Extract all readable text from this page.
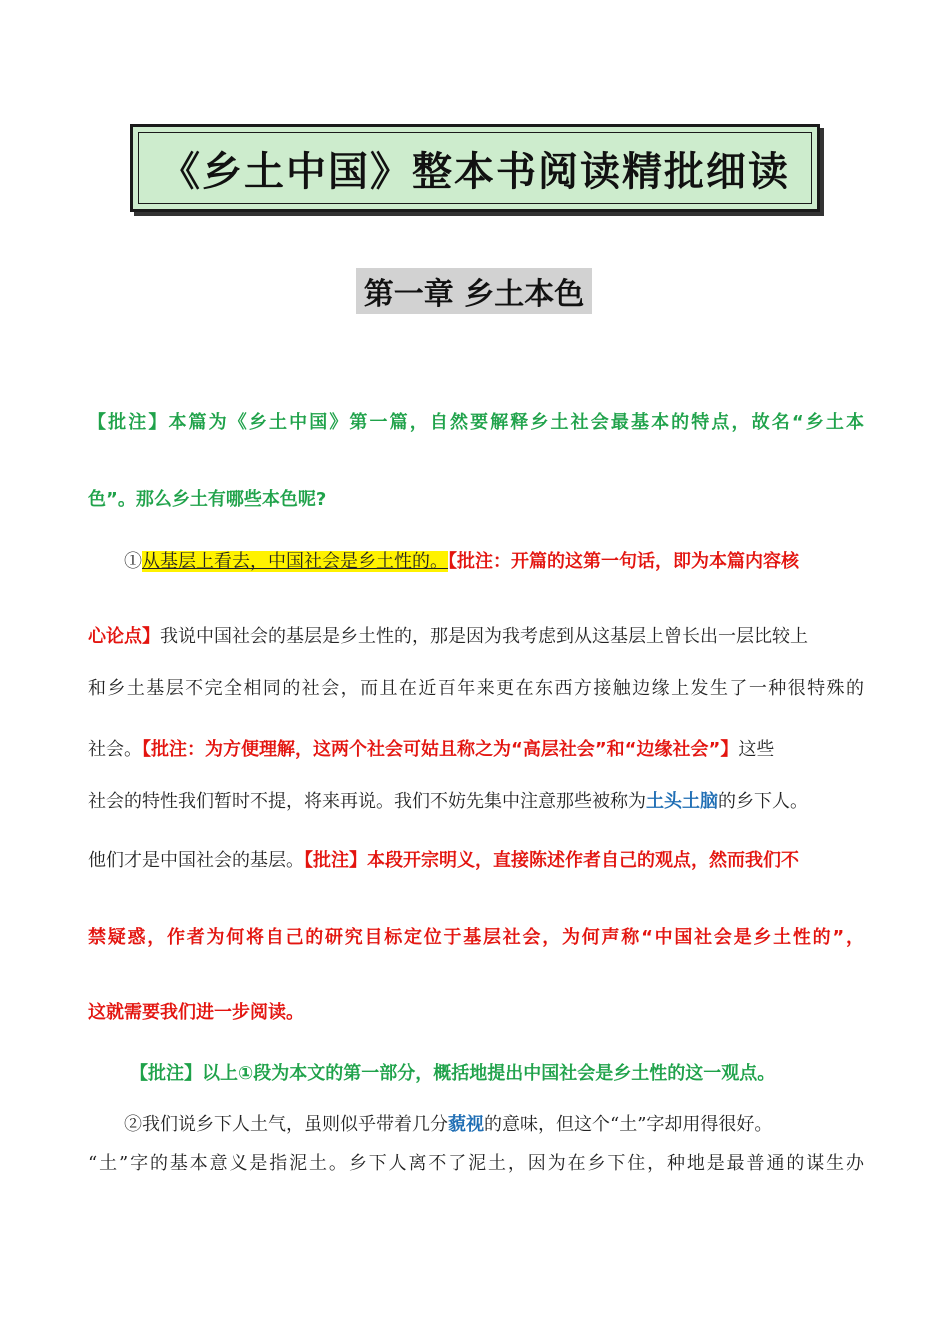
《乡土中国》整本书阅读精批细读
第一章 乡土本色
【批注】本篇为《乡土中国》第一篇，自然要解释乡土社会最基本的特点，故名“乡土本
色”。那么乡土有哪些本色呢?
①从基层上看去，中国社会是乡土性的。【批注：开篇的这第一句话，即为本篇内容核
心论点】我说中国社会的基层是乡土性的，那是因为我考虑到从这基层上曾长出一层比较上
和乡土基层不完全相同的社会，而且在近百年来更在东西方接触边缘上发生了一种很特殊的
社会。【批注：为方便理解，这两个社会可姑且称之为“高层社会”和“边缘社会”】这些
社会的特性我们暂时不提，将来再说。我们不妨先集中注意那些被称为土头土脑的乡下人。
他们才是中国社会的基层。【批注】本段开宗明义，直接陈述作者自己的观点，然而我们不
禁疑惑，作者为何将自己的研究目标定位于基层社会，为何声称“中国社会是乡土性的”，
这就需要我们进一步阅读。
【批注】以上①段为本文的第一部分，概括地提出中国社会是乡土性的这一观点。
②我们说乡下人土气，虽则似乎带着几分藐视的意味，但这个“土”字却用得很好。
“土”字的基本意义是指泥土。乡下人离不了泥土，因为在乡下住，种地是最普通的谋生办
